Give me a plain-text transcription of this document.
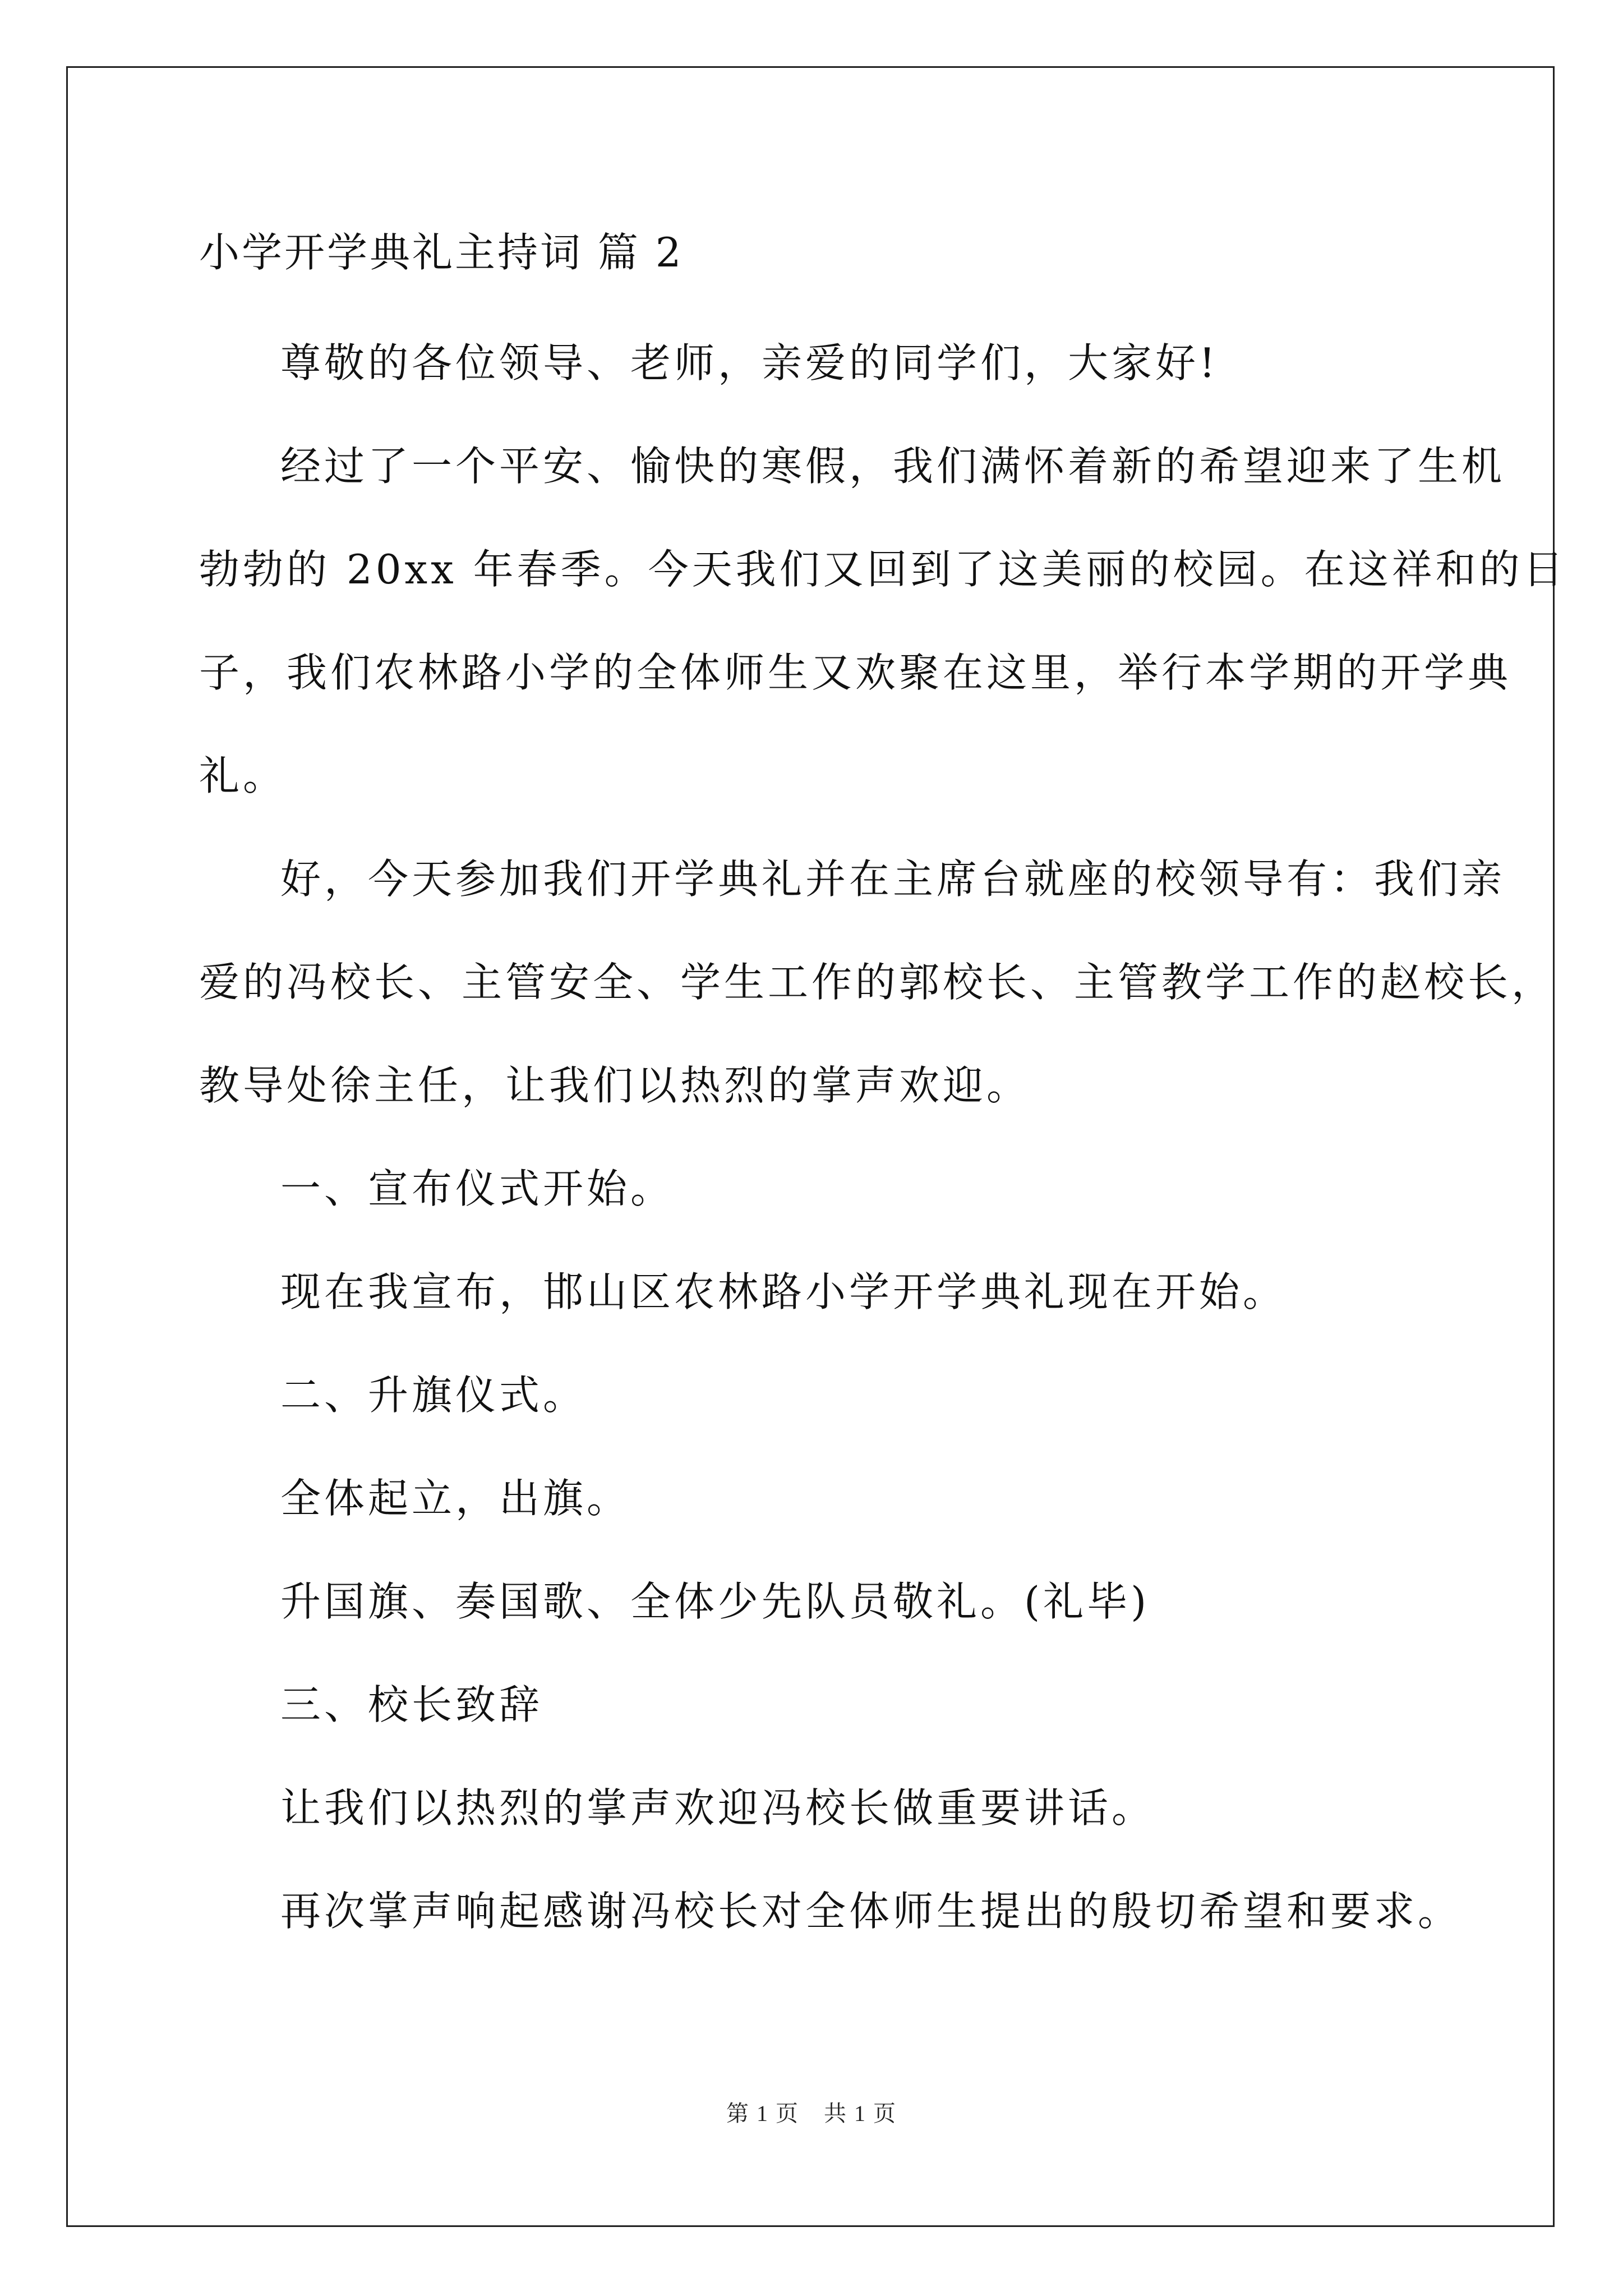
小学开学典礼主持词 篇 2
尊敬的各位领导、老师，亲爱的同学们，大家好!
经过了一个平安、愉快的寒假，我们满怀着新的希望迎来了生机
勃勃的 20xx 年春季。今天我们又回到了这美丽的校园。在这祥和的日
子，我们农林路小学的全体师生又欢聚在这里，举行本学期的开学典
礼。
好，今天参加我们开学典礼并在主席台就座的校领导有：我们亲
爱的冯校长、主管安全、学生工作的郭校长、主管教学工作的赵校长，
教导处徐主任，让我们以热烈的掌声欢迎。
一、宣布仪式开始。
现在我宣布，邯山区农林路小学开学典礼现在开始。
二、升旗仪式。
全体起立，出旗。
升国旗、奏国歌、全体少先队员敬礼。(礼毕)
三、校长致辞
让我们以热烈的掌声欢迎冯校长做重要讲话。
再次掌声响起感谢冯校长对全体师生提出的殷切希望和要求。
第 1 页 共 1 页
